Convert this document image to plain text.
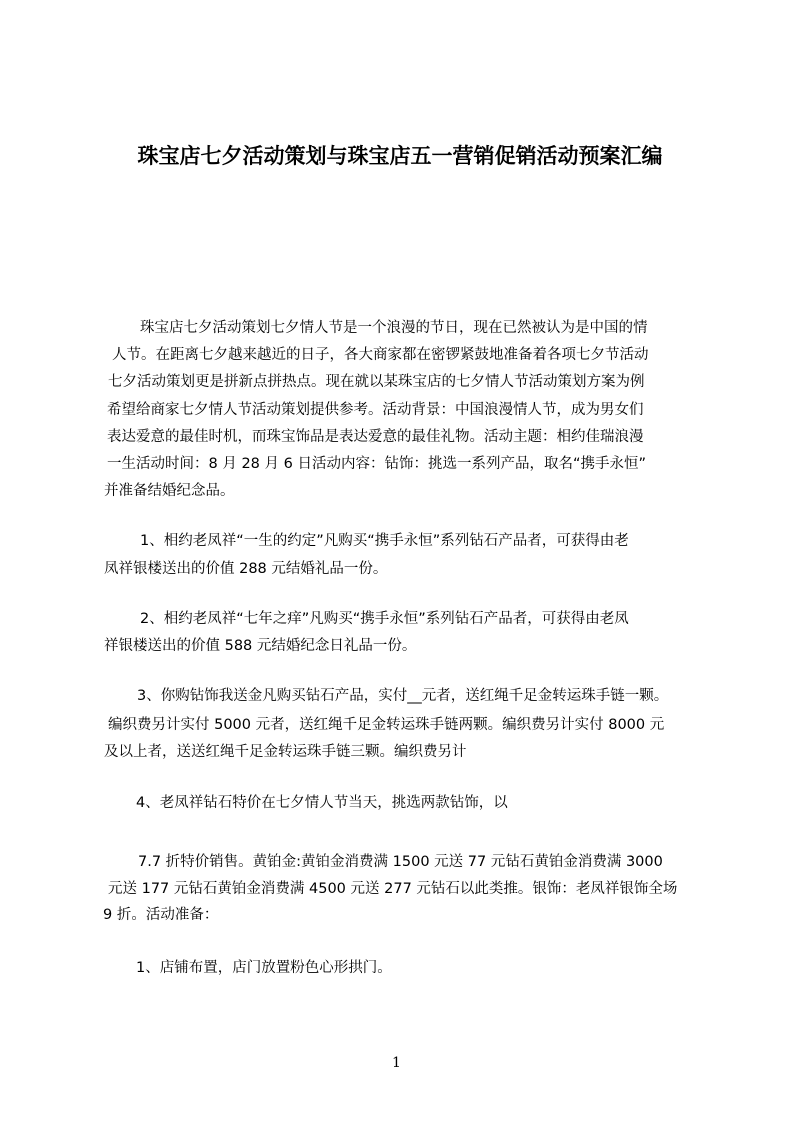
珠宝店七夕活动策划与珠宝店五一营销促销活动预案汇编

珠宝店七夕活动策划七夕情人节是一个浪漫的节日，现在已然被认为是中国的情

人节。在距离七夕越来越近的日子，各大商家都在密锣紧鼓地准备着各项七夕节活动

七夕活动策划更是拼新点拼热点。现在就以某珠宝店的七夕情人节活动策划方案为例

希望给商家七夕情人节活动策划提供参考。活动背景：中国浪漫情人节，成为男女们

表达爱意的最佳时机，而珠宝饰品是表达爱意的最佳礼物。活动主题：相约佳瑞浪漫

一生活动时间：8 月 28 月 6 日活动内容：钻饰：挑选一系列产品，取名“携手永恒”

并准备结婚纪念品。

1、相约老凤祥“一生的约定”凡购买“携手永恒”系列钻石产品者，可获得由老

凤祥银楼送出的价值 288 元结婚礼品一份。

2、相约老凤祥“七年之痒”凡购买“携手永恒”系列钻石产品者，可获得由老凤

祥银楼送出的价值 588 元结婚纪念日礼品一份。

3、你购钻饰我送金凡购买钻石产品，实付__元者，送红绳千足金转运珠手链一颗。

编织费另计实付 5000 元者，送红绳千足金转运珠手链两颗。编织费另计实付 8000 元

及以上者，送送红绳千足金转运珠手链三颗。编织费另计

4、老凤祥钻石特价在七夕情人节当天，挑选两款钻饰，以

7.7 折特价销售。黄铂金:黄铂金消费满 1500 元送 77 元钻石黄铂金消费满 3000

元送 177 元钻石黄铂金消费满 4500 元送 277 元钻石以此类推。银饰：老凤祥银饰全场

9 折。活动准备：

1、店铺布置，店门放置粉色心形拱门。

1
